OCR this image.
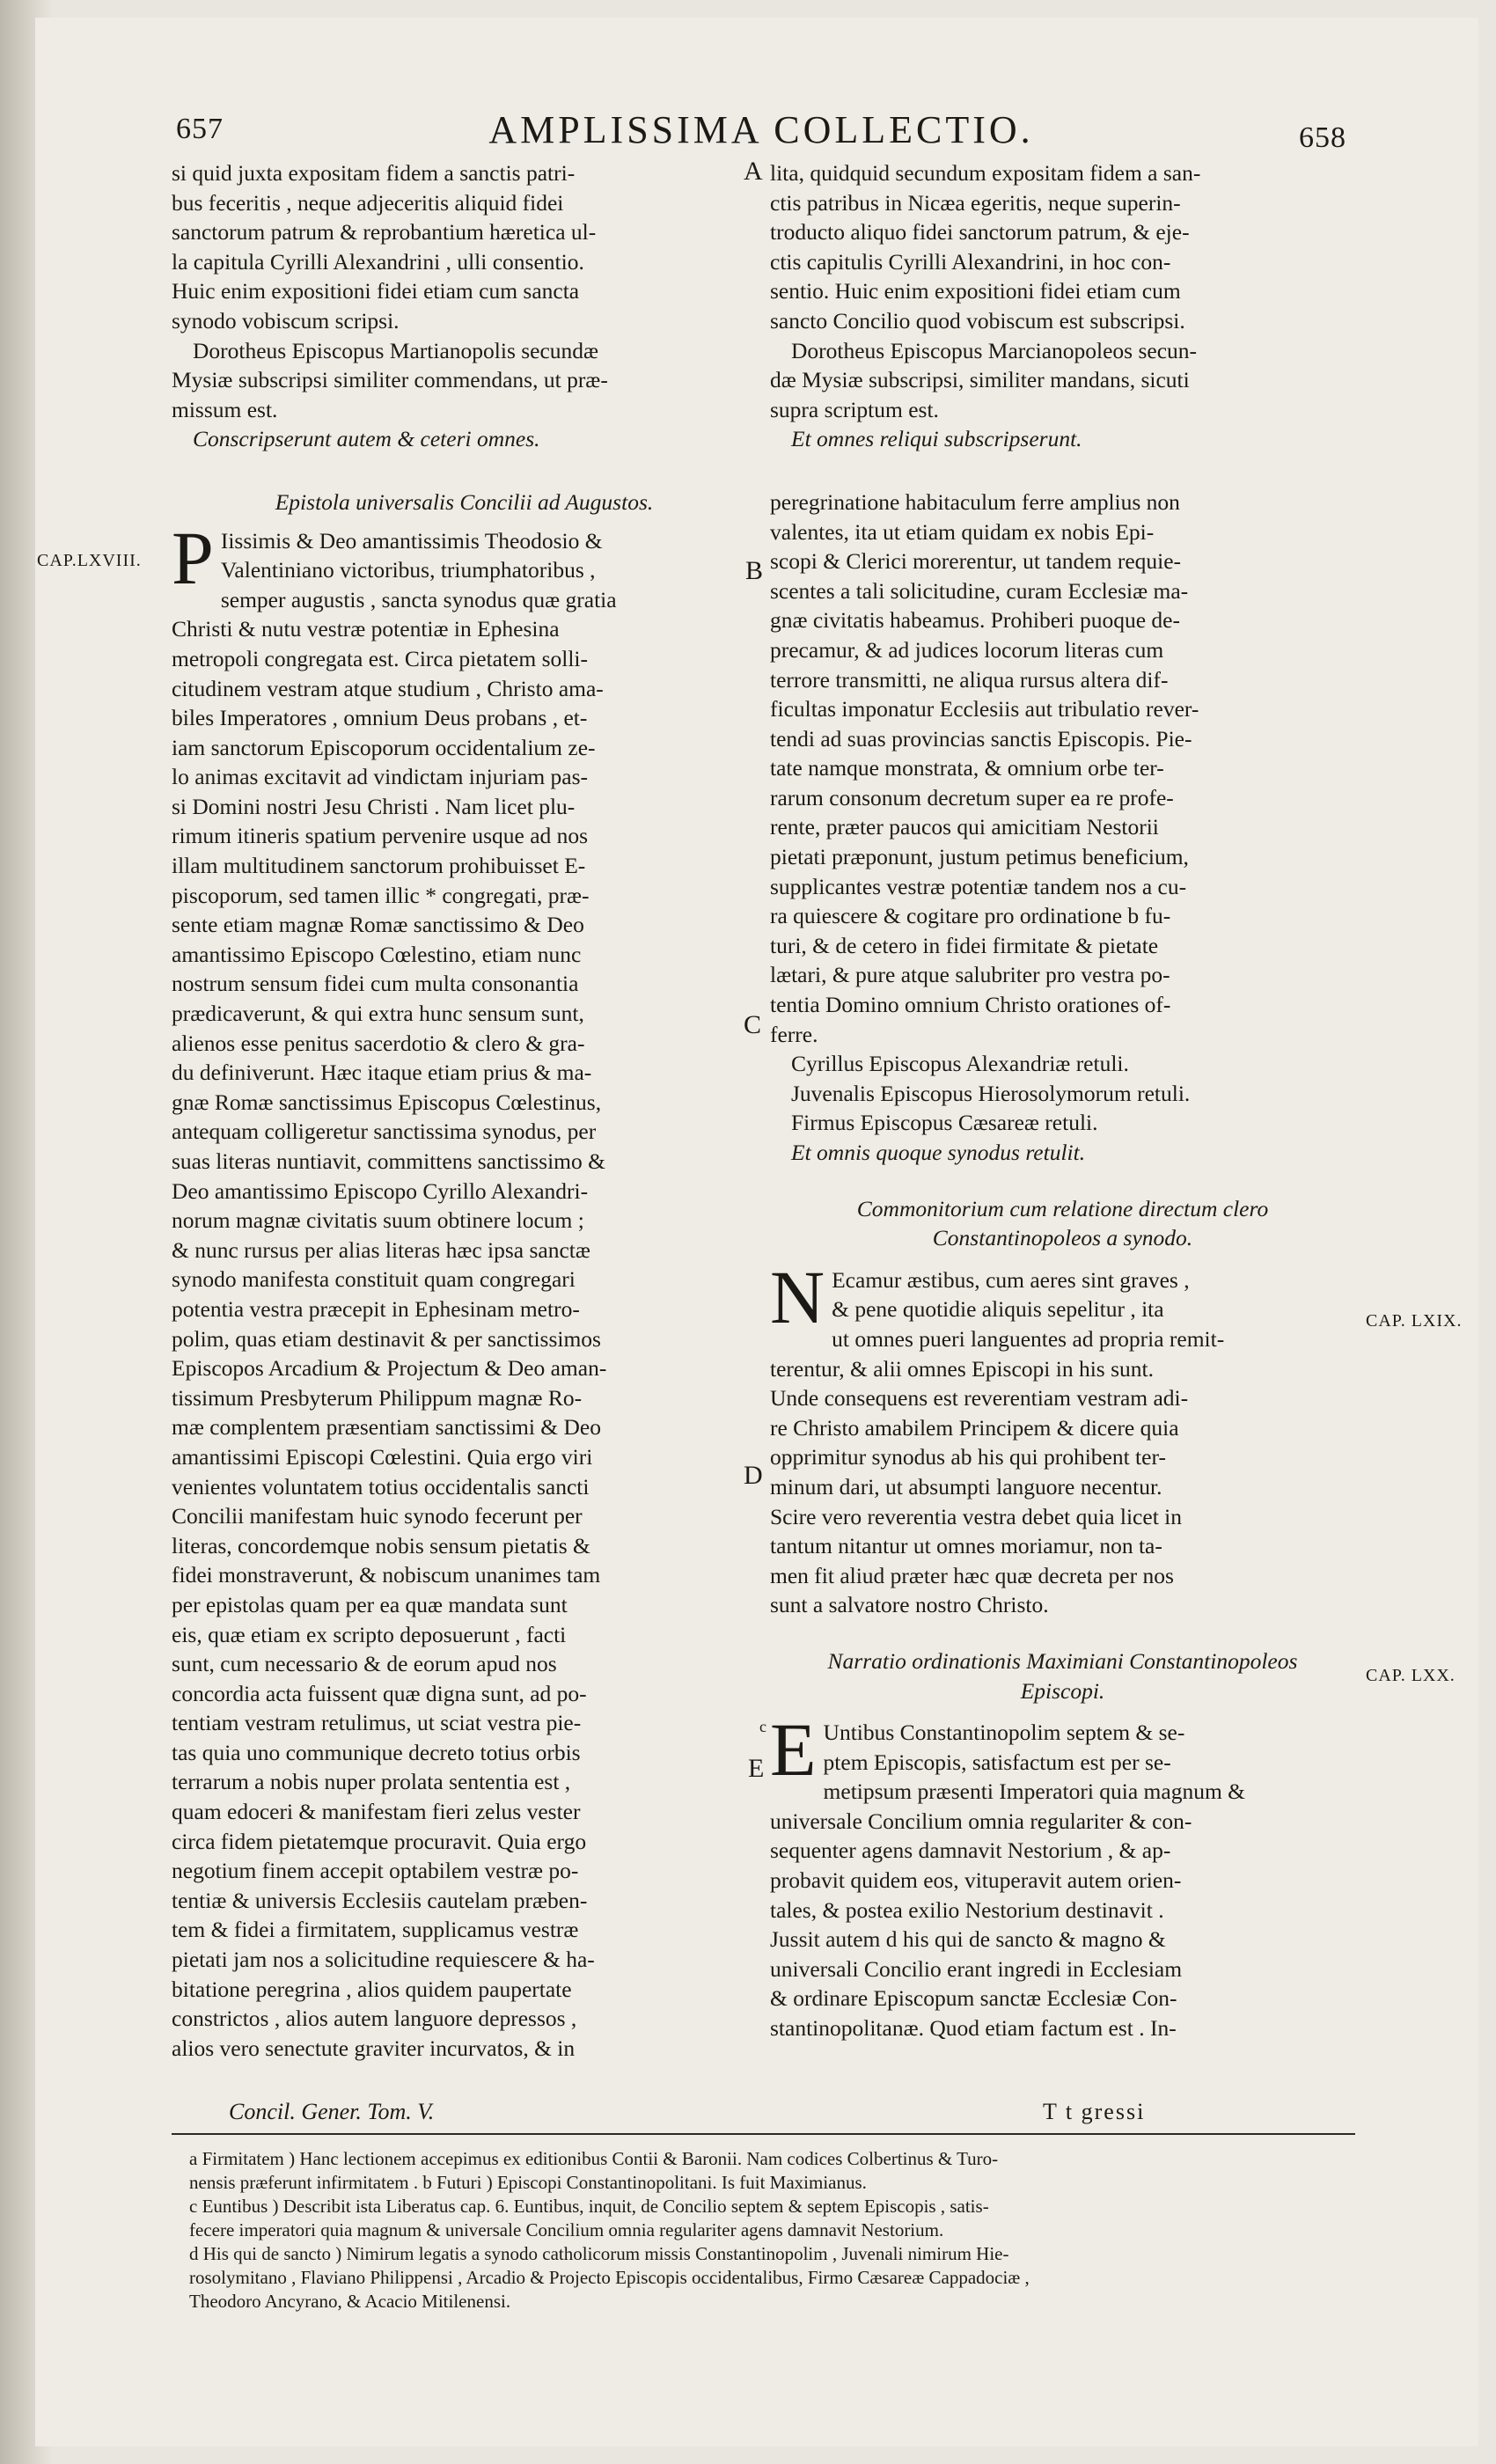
657	AMPLISSIMA COLLECTIO.	658

si quid juxta expositam fidem a sanctis patri-

bus feceritis , neque adjeceritis aliquid fidei

sanctorum patrum & reprobantium hæretica ul-

la capitula Cyrilli Alexandrini , ulli consentio.

Huic enim expositioni fidei etiam cum sancta

synodo vobiscum scripsi.

Dorotheus Episcopus Martianopolis secundæ

Mysiæ subscripsi similiter commendans, ut præ-

missum est.

Conscripserunt autem & ceteri omnes.

Epistola universalis Concilii ad Augustos.

P Iissimis & Deo amantissimis Theodosio &

Valentiniano victoribus, triumphatoribus ,

semper augustis , sancta synodus quæ gratia

Christi & nutu vestræ potentiæ in Ephesina

metropoli congregata est. Circa pietatem solli-

citudinem vestram atque studium , Christo ama-

biles Imperatores , omnium Deus probans , et-

iam sanctorum Episcoporum occidentalium ze-

lo animas excitavit ad vindictam injuriam pas-

si Domini nostri Jesu Christi . Nam licet plu-

rimum itineris spatium pervenire usque ad nos

illam multitudinem sanctorum prohibuisset E-

piscoporum, sed tamen illic * congregati, præ-

sente etiam magnæ Romæ sanctissimo & Deo

amantissimo Episcopo Cœlestino, etiam nunc

nostrum sensum fidei cum multa consonantia

prædicaverunt, & qui extra hunc sensum sunt,

alienos esse penitus sacerdotio & clero & gra-

du definiverunt. Hæc itaque etiam prius & ma-

gnæ Romæ sanctissimus Episcopus Cœlestinus,

antequam colligeretur sanctissima synodus, per

suas literas nuntiavit, committens sanctissimo &

Deo amantissimo Episcopo Cyrillo Alexandri-

norum magnæ civitatis suum obtinere locum ;

& nunc rursus per alias literas hæc ipsa sanctæ

synodo manifesta constituit quam congregari

potentia vestra præcepit in Ephesinam metro-

polim, quas etiam destinavit & per sanctissimos

Episcopos Arcadium & Projectum & Deo aman-

tissimum Presbyterum Philippum magnæ Ro-

mæ complentem præsentiam sanctissimi & Deo

amantissimi Episcopi Cœlestini. Quia ergo viri

venientes voluntatem totius occidentalis sancti

Concilii manifestam huic synodo fecerunt per

literas, concordemque nobis sensum pietatis &

fidei monstraverunt, & nobiscum unanimes tam

per epistolas quam per ea quæ mandata sunt

eis, quæ etiam ex scripto deposuerunt , facti

sunt, cum necessario & de eorum apud nos

concordia acta fuissent quæ digna sunt, ad po-

tentiam vestram retulimus, ut sciat vestra pie-

tas quia uno communique decreto totius orbis

terrarum a nobis nuper prolata sententia est ,

quam edoceri & manifestam fieri zelus vester

circa fidem pietatemque procuravit. Quia ergo

negotium finem accepit optabilem vestræ po-

tentiæ & universis Ecclesiis cautelam præben-

tem & fidei a firmitatem, supplicamus vestræ

pietati jam nos a solicitudine requiescere & ha-

bitatione peregrina , alios quidem paupertate

constrictos , alios autem languore depressos ,

alios vero senectute graviter incurvatos, & in

lita, quidquid secundum expositam fidem a san-

ctis patribus in Nicæa egeritis, neque superin-

troducto aliquo fidei sanctorum patrum, & eje-

ctis capitulis Cyrilli Alexandrini, in hoc con-

sentio. Huic enim expositioni fidei etiam cum

sancto Concilio quod vobiscum est subscripsi.

Dorotheus Episcopus Marcianopoleos secun-

dæ Mysiæ subscripsi, similiter mandans, sicuti

supra scriptum est.

Et omnes reliqui subscripserunt.

peregrinatione habitaculum ferre amplius non

valentes, ita ut etiam quidam ex nobis Epi-

scopi & Clerici morerentur, ut tandem requie-

scentes a tali solicitudine, curam Ecclesiæ ma-

gnæ civitatis habeamus. Prohiberi puoque de-

precamur, & ad judices locorum literas cum

terrore transmitti, ne aliqua rursus altera dif-

ficultas imponatur Ecclesiis aut tribulatio rever-

tendi ad suas provincias sanctis Episcopis. Pie-

tate namque monstrata, & omnium orbe ter-

rarum consonum decretum super ea re profe-

rente, præter paucos qui amicitiam Nestorii

pietati præponunt, justum petimus beneficium,

supplicantes vestræ potentiæ tandem nos a cu-

ra quiescere & cogitare pro ordinatione b fu-

turi, & de cetero in fidei firmitate & pietate

lætari, & pure atque salubriter pro vestra po-

tentia Domino omnium Christo orationes of-

ferre.

Cyrillus Episcopus Alexandriæ retuli.

Juvenalis Episcopus Hierosolymorum retuli.

Firmus Episcopus Cæsareæ retuli.

Et omnis quoque synodus retulit.

Commonitorium cum relatione directum clero

Constantinopoleos a synodo.

N Ecamur æstibus, cum aeres sint graves ,

& pene quotidie aliquis sepelitur , ita

ut omnes pueri languentes ad propria remit-

terentur, & alii omnes Episcopi in his sunt.

Unde consequens est reverentiam vestram adi-

re Christo amabilem Principem & dicere quia

opprimitur synodus ab his qui prohibent ter-

minum dari, ut absumpti languore necentur.

Scire vero reverentia vestra debet quia licet in

tantum nitantur ut omnes moriamur, non ta-

men fit aliud præter hæc quæ decreta per nos

sunt a salvatore nostro Christo.

Narratio ordinationis Maximiani Constantinopoleos

Episcopi.

c E Untibus Constantinopolim septem & se-

ptem Episcopis, satisfactum est per se-

metipsum præsenti Imperatori quia magnum &

universale Concilium omnia regulariter & con-

sequenter agens damnavit Nestorium , & ap-

probavit quidem eos, vituperavit autem orien-

tales, & postea exilio Nestorium destinavit .

Jussit autem d his qui de sancto & magno &

universali Concilio erant ingredi in Ecclesiam

& ordinare Episcopum sanctæ Ecclesiæ Con-

stantinopolitanæ. Quod etiam factum est . In-

CAP.LXVIII.
CAP. LXIX.
CAP. LXX.
A
B
C
D
E
Concil. Gener. Tom. V.	T t gressi

a Firmitatem ) Hanc lectionem accepimus ex editionibus Contii & Baronii. Nam codices Colbertinus & Turo-

nensis præferunt infirmitatem . b Futuri ) Episcopi Constantinopolitani. Is fuit Maximianus.

c Euntibus ) Describit ista Liberatus cap. 6. Euntibus, inquit, de Concilio septem & septem Episcopis , satis-

fecere imperatori quia magnum & universale Concilium omnia regulariter agens damnavit Nestorium.

d His qui de sancto ) Nimirum legatis a synodo catholicorum missis Constantinopolim , Juvenali nimirum Hie-

rosolymitano , Flaviano Philippensi , Arcadio & Projecto Episcopis occidentalibus, Firmo Cæsareæ Cappadociæ ,

Theodoro Ancyrano, & Acacio Mitilenensi.
